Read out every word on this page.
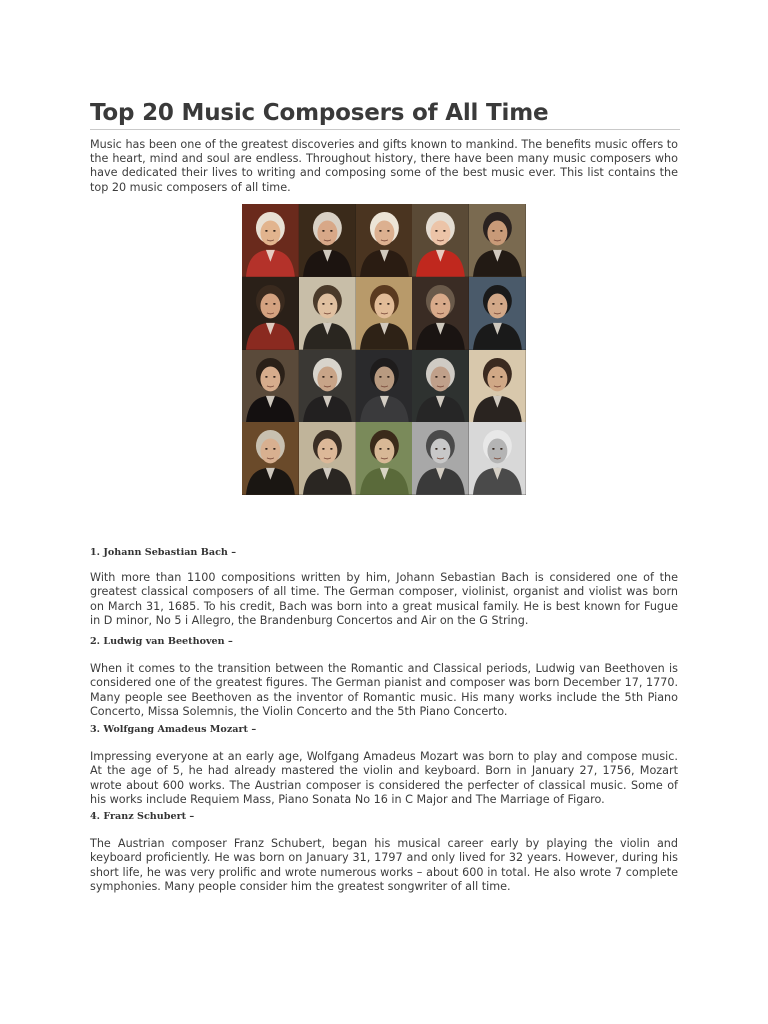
Top 20 Music Composers of All Time

Music has been one of the greatest discoveries and gifts known to mankind. The benefits music offers to the heart, mind and soul are endless. Throughout history, there have been many music composers who have dedicated their lives to writing and composing some of the best music ever. This list contains the top 20 music composers of all time.

1. Johann Sebastian Bach –

With more than 1100 compositions written by him, Johann Sebastian Bach is considered one of the greatest classical composers of all time. The German composer, violinist, organist and violist was born on March 31, 1685. To his credit, Bach was born into a great musical family. He is best known for Fugue in D minor, No 5 i Allegro, the Brandenburg Concertos and Air on the G String.

2. Ludwig van Beethoven –

When it comes to the transition between the Romantic and Classical periods, Ludwig van Beethoven is considered one of the greatest figures. The German pianist and composer was born December 17, 1770. Many people see Beethoven as the inventor of Romantic music. His many works include the 5th Piano Concerto, Missa Solemnis, the Violin Concerto and the 5th Piano Concerto.

3. Wolfgang Amadeus Mozart –

Impressing everyone at an early age, Wolfgang Amadeus Mozart was born to play and compose music. At the age of 5, he had already mastered the violin and keyboard. Born in January 27, 1756, Mozart wrote about 600 works. The Austrian composer is considered the perfecter of classical music. Some of his works include Requiem Mass, Piano Sonata No 16 in C Major and The Marriage of Figaro.

4. Franz Schubert –

The Austrian composer Franz Schubert, began his musical career early by playing the violin and keyboard proficiently. He was born on January 31, 1797 and only lived for 32 years. However, during his short life, he was very prolific and wrote numerous works – about 600 in total. He also wrote 7 complete symphonies. Many people consider him the greatest songwriter of all time.
